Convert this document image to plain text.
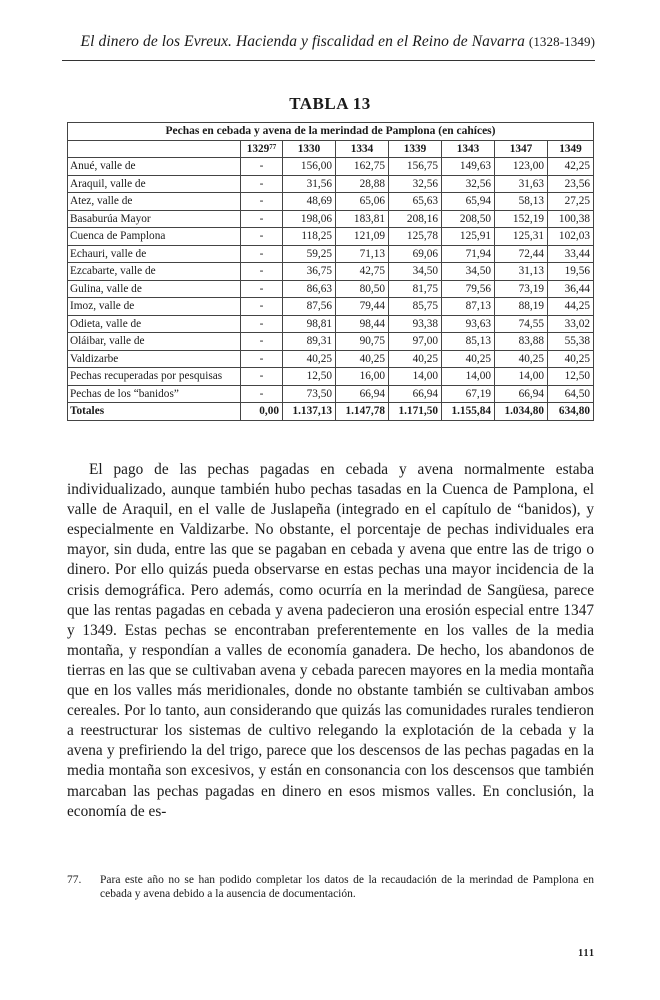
El dinero de los Evreux. Hacienda y fiscalidad en el Reino de Navarra (1328-1349)
TABLA 13
Pechas en cebada y avena de la merindad de Pamplona (en cahíces)							
	1329$^{77}$	1330	1334	1339	1343	1347	1349
Anué, valle de	-	156,00	162,75	156,75	149,63	123,00	42,25
Araquil, valle de	-	31,56	28,88	32,56	32,56	31,63	23,56
Atez, valle de	-	48,69	65,06	65,63	65,94	58,13	27,25
Basaburúa Mayor	-	198,06	183,81	208,16	208,50	152,19	100,38
Cuenca de Pamplona	-	118,25	121,09	125,78	125,91	125,31	102,03
Echauri, valle de	-	59,25	71,13	69,06	71,94	72,44	33,44
Ezcabarte, valle de	-	36,75	42,75	34,50	34,50	31,13	19,56
Gulina, valle de	-	86,63	80,50	81,75	79,56	73,19	36,44
Imoz, valle de	-	87,56	79,44	85,75	87,13	88,19	44,25
Odieta, valle de	-	98,81	98,44	93,38	93,63	74,55	33,02
Oláibar, valle de	-	89,31	90,75	97,00	85,13	83,88	55,38
Valdizarbe	-	40,25	40,25	40,25	40,25	40,25	40,25
Pechas recuperadas por pesquisas	-	12,50	16,00	14,00	14,00	14,00	12,50
Pechas de los “banidos”	-	73,50	66,94	66,94	67,19	66,94	64,50
Totales	0,00	1.137,13	1.147,78	1.171,50	1.155,84	1.034,80	634,80

El pago de las pechas pagadas en cebada y avena normalmente estaba individualizado, aunque también hubo pechas tasadas en la Cuenca de Pamplona, el valle de Araquil, en el valle de Juslapeña (integrado en el capítulo de “banidos), y especialmente en Valdizarbe. No obstante, el porcentaje de pechas individuales era mayor, sin duda, entre las que se pagaban en cebada y avena que entre las de trigo o dinero. Por ello quizás pueda observarse en estas pechas una mayor incidencia de la crisis demográfica. Pero además, como ocurría en la merindad de Sangüesa, parece que las rentas pagadas en cebada y avena padecieron una erosión especial entre 1347 y 1349. Estas pechas se encontraban preferentemente en los valles de la media montaña, y respondían a valles de economía ganadera. De hecho, los abandonos de tierras en las que se cultivaban avena y cebada parecen mayores en la media montaña que en los valles más meridionales, donde no obstante también se cultivaban ambos cereales. Por lo tanto, aun considerando que quizás las comunidades rurales tendieron a reestructurar los sistemas de cultivo relegando la explotación de la cebada y la avena y prefiriendo la del trigo, parece que los descensos de las pechas pagadas en la media montaña son excesivos, y están en consonancia con los descensos que también marcaban las pechas pagadas en dinero en esos mismos valles. En conclusión, la economía de es-

77.	Para este año no se han podido completar los datos de la recaudación de la merindad de Pamplona en cebada y avena debido a la ausencia de documentación.
111
